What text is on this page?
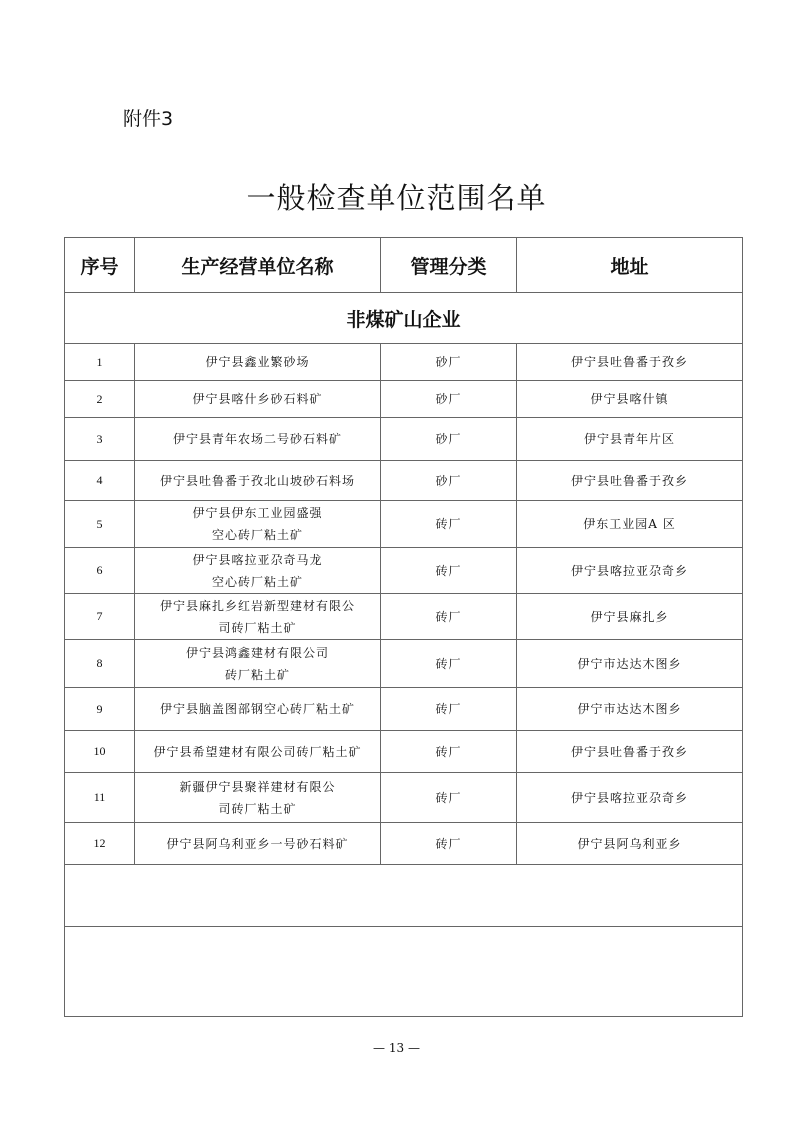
附件3
一般检查单位范围名单
序号	生产经营单位名称	管理分类	地址
非煤矿山企业			
1	伊宁县鑫业繁砂场	砂厂	伊宁县吐鲁番于孜乡
2	伊宁县喀什乡砂石料矿	砂厂	伊宁县喀什镇
3	伊宁县青年农场二号砂石料矿	砂厂	伊宁县青年片区
4	伊宁县吐鲁番于孜北山坡砂石料场	砂厂	伊宁县吐鲁番于孜乡
5	伊宁县伊东工业园盛强
空心砖厂粘土矿	砖厂	伊东工业园A 区
6	伊宁县喀拉亚尕奇马龙
空心砖厂粘土矿	砖厂	伊宁县喀拉亚尕奇乡
7	伊宁县麻扎乡红岩新型建材有限公
司砖厂粘土矿	砖厂	伊宁县麻扎乡
8	伊宁县鸿鑫建材有限公司
砖厂粘土矿	砖厂	伊宁市达达木图乡
9	伊宁县脑盖图部钢空心砖厂粘土矿	砖厂	伊宁市达达木图乡
10	伊宁县希望建材有限公司砖厂粘土矿	砖厂	伊宁县吐鲁番于孜乡
11	新疆伊宁县聚祥建材有限公
司砖厂粘土矿	砖厂	伊宁县喀拉亚尕奇乡
12	伊宁县阿乌利亚乡一号砂石料矿	砖厂	伊宁县阿乌利亚乡

— 13 —
